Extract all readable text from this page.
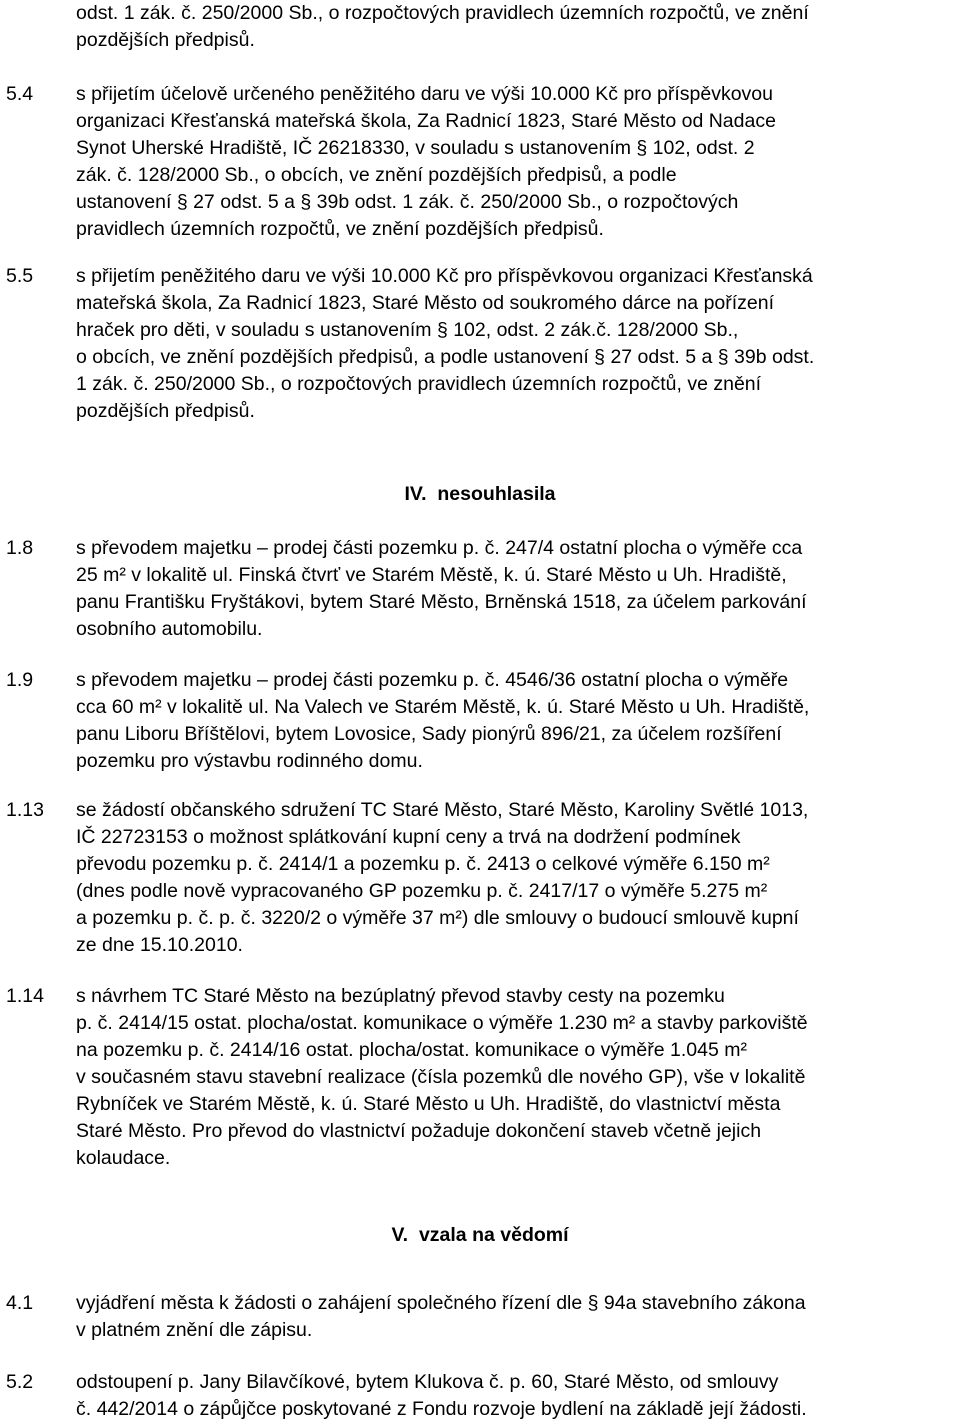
odst. 1 zák. č. 250/2000 Sb., o rozpočtových pravidlech územních rozpočtů, ve znění
pozdějších předpisů.
5.4 s přijetím účelově určeného peněžitého daru ve výši 10.000 Kč pro příspěvkovou
organizaci Křesťanská mateřská škola, Za Radnicí 1823, Staré Město od Nadace
Synot Uherské Hradiště, IČ 26218330, v souladu s ustanovením § 102, odst. 2
zák. č. 128/2000 Sb., o obcích, ve znění pozdějších předpisů, a podle
ustanovení § 27 odst. 5 a § 39b odst. 1 zák. č. 250/2000 Sb., o rozpočtových
pravidlech územních rozpočtů, ve znění pozdějších předpisů.
5.5 s přijetím peněžitého daru ve výši 10.000 Kč pro příspěvkovou organizaci Křesťanská
mateřská škola, Za Radnicí 1823, Staré Město od soukromého dárce na pořízení
hraček pro děti, v souladu s ustanovením § 102, odst. 2 zák.č. 128/2000 Sb.,
o obcích, ve znění pozdějších předpisů, a podle ustanovení § 27 odst. 5 a § 39b odst.
1 zák. č. 250/2000 Sb., o rozpočtových pravidlech územních rozpočtů, ve znění
pozdějších předpisů.
IV. nesouhlasila
1.8 s převodem majetku – prodej části pozemku p. č. 247/4 ostatní plocha o výměře cca
25 m² v lokalitě ul. Finská čtvrť ve Starém Městě, k. ú. Staré Město u Uh. Hradiště,
panu Františku Fryštákovi, bytem Staré Město, Brněnská 1518, za účelem parkování
osobního automobilu.
1.9 s převodem majetku – prodej části pozemku p. č. 4546/36 ostatní plocha o výměře
cca 60 m² v lokalitě ul. Na Valech ve Starém Městě, k. ú. Staré Město u Uh. Hradiště,
panu Liboru Bříštělovi, bytem Lovosice, Sady pionýrů 896/21, za účelem rozšíření
pozemku pro výstavbu rodinného domu.
1.13 se žádostí občanského sdružení TC Staré Město, Staré Město, Karoliny Světlé 1013,
IČ 22723153 o možnost splátkování kupní ceny a trvá na dodržení podmínek
převodu pozemku p. č. 2414/1 a pozemku p. č. 2413 o celkové výměře 6.150 m²
(dnes podle nově vypracovaného GP pozemku p. č. 2417/17 o výměře 5.275 m²
a pozemku p. č. p. č. 3220/2 o výměře 37 m²) dle smlouvy o budoucí smlouvě kupní
ze dne 15.10.2010.
1.14 s návrhem TC Staré Město na bezúplatný převod stavby cesty na pozemku
p. č. 2414/15 ostat. plocha/ostat. komunikace o výměře 1.230 m² a stavby parkoviště
na pozemku p. č. 2414/16 ostat. plocha/ostat. komunikace o výměře 1.045 m²
v současném stavu stavební realizace (čísla pozemků dle nového GP), vše v lokalitě
Rybníček ve Starém Městě, k. ú. Staré Město u Uh. Hradiště, do vlastnictví města
Staré Město. Pro převod do vlastnictví požaduje dokončení staveb včetně jejich
kolaudace.
V. vzala na vědomí
4.1 vyjádření města k žádosti o zahájení společného řízení dle § 94a stavebního zákona
v platném znění dle zápisu.
5.2 odstoupení p. Jany Bilavčíkové, bytem Klukova č. p. 60, Staré Město, od smlouvy
č. 442/2014 o zápůjčce poskytované z Fondu rozvoje bydlení na základě její žádosti.
